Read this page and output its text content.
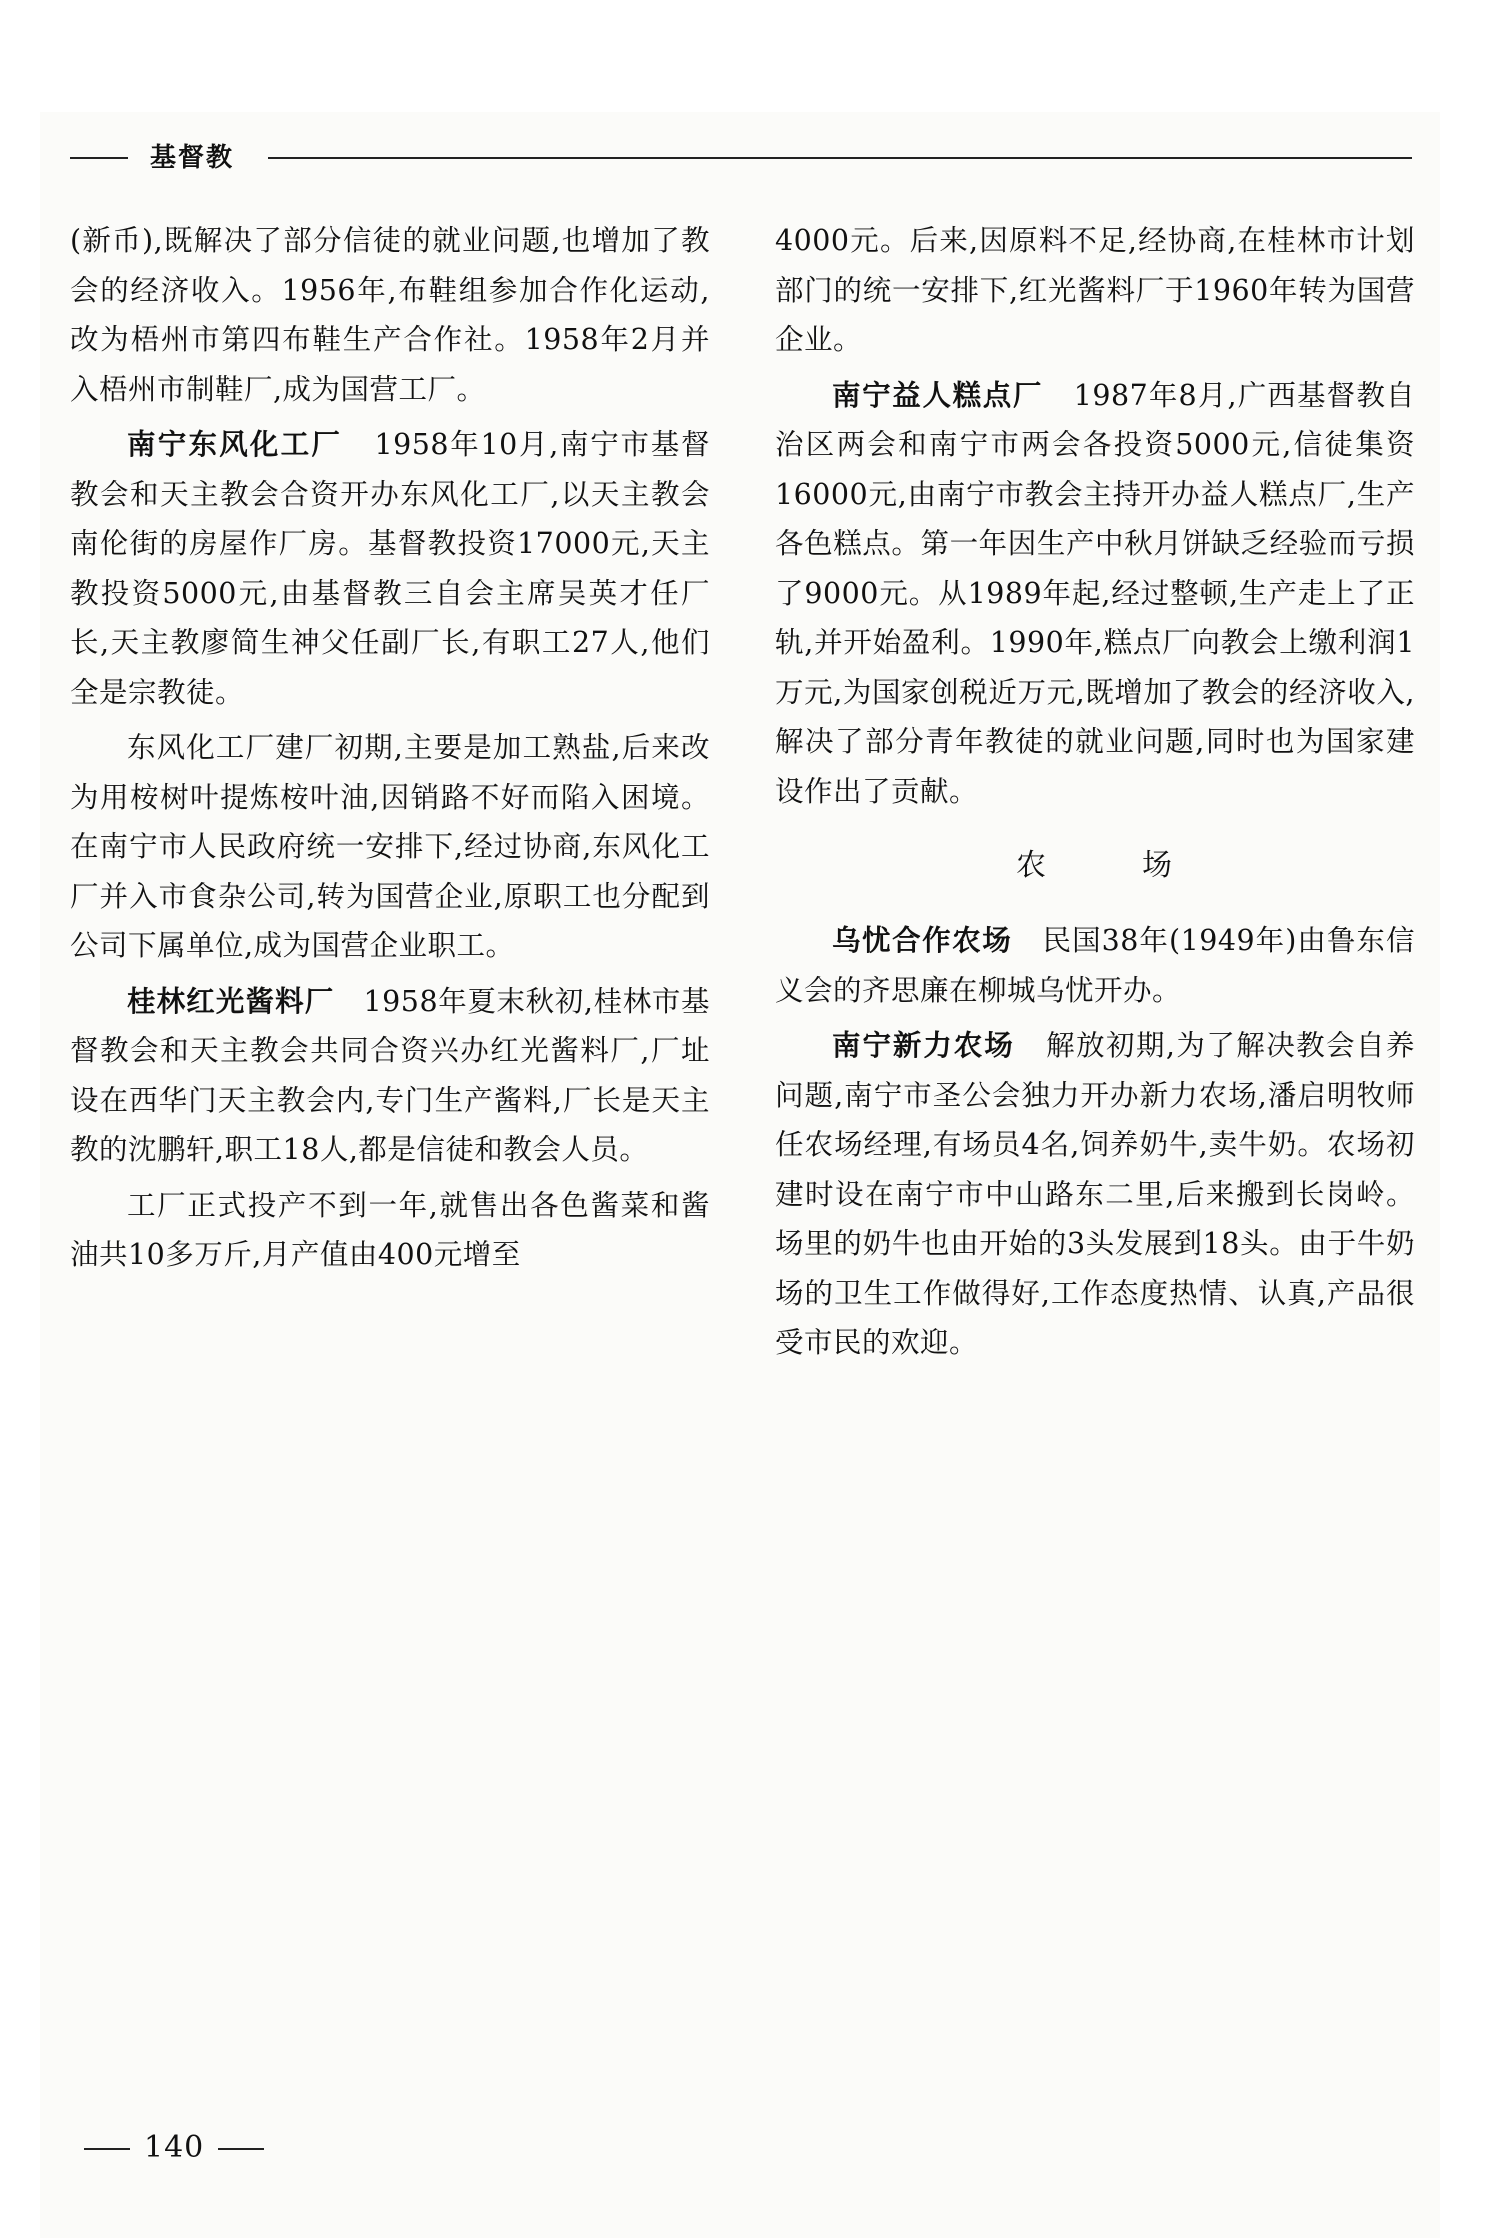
基督教

(新币),既解决了部分信徒的就业问题,也增加了教会的经济收入。1956年,布鞋组参加合作化运动,改为梧州市第四布鞋生产合作社。1958年2月并入梧州市制鞋厂,成为国营工厂。

南宁东风化工厂 1958年10月,南宁市基督教会和天主教会合资开办东风化工厂,以天主教会南伦街的房屋作厂房。基督教投资17000元,天主教投资5000元,由基督教三自会主席吴英才任厂长,天主教廖简生神父任副厂长,有职工27人,他们全是宗教徒。

东风化工厂建厂初期,主要是加工熟盐,后来改为用桉树叶提炼桉叶油,因销路不好而陷入困境。在南宁市人民政府统一安排下,经过协商,东风化工厂并入市食杂公司,转为国营企业,原职工也分配到公司下属单位,成为国营企业职工。

桂林红光酱料厂 1958年夏末秋初,桂林市基督教会和天主教会共同合资兴办红光酱料厂,厂址设在西华门天主教会内,专门生产酱料,厂长是天主教的沈鹏轩,职工18人,都是信徒和教会人员。

工厂正式投产不到一年,就售出各色酱菜和酱油共10多万斤,月产值由400元增至

4000元。后来,因原料不足,经协商,在桂林市计划部门的统一安排下,红光酱料厂于1960年转为国营企业。

南宁益人糕点厂 1987年8月,广西基督教自治区两会和南宁市两会各投资5000元,信徒集资16000元,由南宁市教会主持开办益人糕点厂,生产各色糕点。第一年因生产中秋月饼缺乏经验而亏损了9000元。从1989年起,经过整顿,生产走上了正轨,并开始盈利。1990年,糕点厂向教会上缴利润1万元,为国家创税近万元,既增加了教会的经济收入,解决了部分青年教徒的就业问题,同时也为国家建设作出了贡献。

农	场

乌忧合作农场 民国38年(1949年)由鲁东信义会的齐思廉在柳城乌忧开办。

南宁新力农场 解放初期,为了解决教会自养问题,南宁市圣公会独力开办新力农场,潘启明牧师任农场经理,有场员4名,饲养奶牛,卖牛奶。农场初建时设在南宁市中山路东二里,后来搬到长岗岭。场里的奶牛也由开始的3头发展到18头。由于牛奶场的卫生工作做得好,工作态度热情、认真,产品很受市民的欢迎。

140
